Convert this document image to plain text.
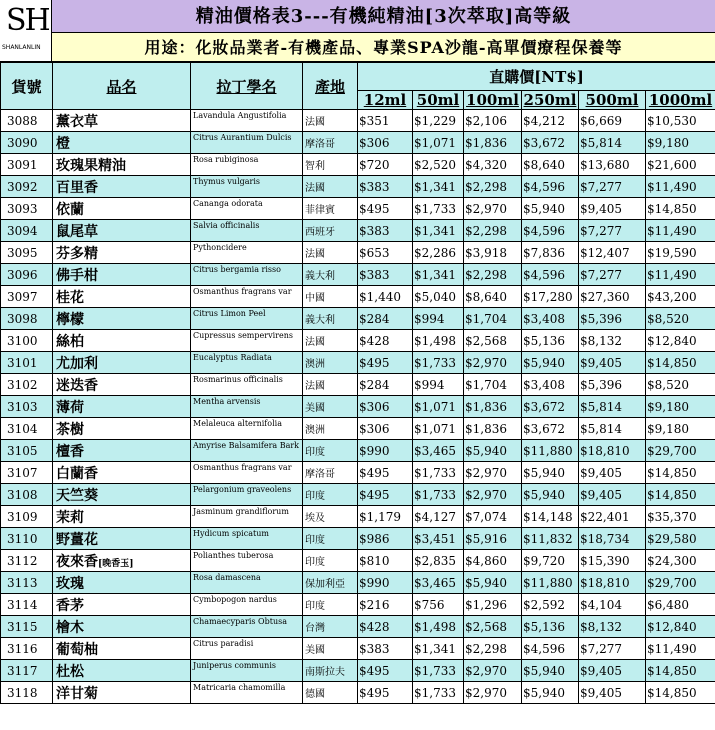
SH
SHANLANLIN
精油價格表3---有機純精油[3次萃取]高等級
用途：化妝品業者-有機產品、專業SPA沙龍-高單價療程保養等
貨號	品名	拉丁學名	產地	直購價[NT$]					
				12ml	50ml	100ml	250ml	500ml	1000ml
3088	薰衣草	Lavandula Angustifolia	法國	$351	$1,229	$2,106	$4,212	$6,669	$10,530
3090	橙	Citrus Aurantium Dulcis	摩洛哥	$306	$1,071	$1,836	$3,672	$5,814	$9,180
3091	玫瑰果精油	Rosa rubiginosa	智利	$720	$2,520	$4,320	$8,640	$13,680	$21,600
3092	百里香	Thymus vulgaris	法國	$383	$1,341	$2,298	$4,596	$7,277	$11,490
3093	依蘭	Cananga odorata	菲律賓	$495	$1,733	$2,970	$5,940	$9,405	$14,850
3094	鼠尾草	Salvia officinalis	西班牙	$383	$1,341	$2,298	$4,596	$7,277	$11,490
3095	芬多精	Pythoncidere	法國	$653	$2,286	$3,918	$7,836	$12,407	$19,590
3096	佛手柑	Citrus bergamia risso	義大利	$383	$1,341	$2,298	$4,596	$7,277	$11,490
3097	桂花	Osmanthus fragrans var	中國	$1,440	$5,040	$8,640	$17,280	$27,360	$43,200
3098	檸檬	Citrus Limon Peel	義大利	$284	$994	$1,704	$3,408	$5,396	$8,520
3100	絲柏	Cupressus sempervirens	法國	$428	$1,498	$2,568	$5,136	$8,132	$12,840
3101	尤加利	Eucalyptus Radiata	澳洲	$495	$1,733	$2,970	$5,940	$9,405	$14,850
3102	迷迭香	Rosmarinus officinalis	法國	$284	$994	$1,704	$3,408	$5,396	$8,520
3103	薄荷	Mentha arvensis	美國	$306	$1,071	$1,836	$3,672	$5,814	$9,180
3104	茶樹	Melaleuca alternifolia	澳洲	$306	$1,071	$1,836	$3,672	$5,814	$9,180
3105	檀香	Amyrise Balsamifera Bark	印度	$990	$3,465	$5,940	$11,880	$18,810	$29,700
3107	白蘭香	Osmanthus fragrans var	摩洛哥	$495	$1,733	$2,970	$5,940	$9,405	$14,850
3108	天竺葵	Pelargonium graveolens	印度	$495	$1,733	$2,970	$5,940	$9,405	$14,850
3109	茉莉	Jasminum grandiflorum	埃及	$1,179	$4,127	$7,074	$14,148	$22,401	$35,370
3110	野薑花	Hydicum spicatum	印度	$986	$3,451	$5,916	$11,832	$18,734	$29,580
3112	夜來香[晚香玉]	Polianthes tuberosa	印度	$810	$2,835	$4,860	$9,720	$15,390	$24,300
3113	玫瑰	Rosa damascena	保加利亞	$990	$3,465	$5,940	$11,880	$18,810	$29,700
3114	香茅	Cymbopogon nardus	印度	$216	$756	$1,296	$2,592	$4,104	$6,480
3115	檜木	Chamaecyparis Obtusa	台灣	$428	$1,498	$2,568	$5,136	$8,132	$12,840
3116	葡萄柚	Citrus paradisi	美國	$383	$1,341	$2,298	$4,596	$7,277	$11,490
3117	杜松	Juniperus communis	南斯拉夫	$495	$1,733	$2,970	$5,940	$9,405	$14,850
3118	洋甘菊	Matricaria chamomilla	德國	$495	$1,733	$2,970	$5,940	$9,405	$14,850
